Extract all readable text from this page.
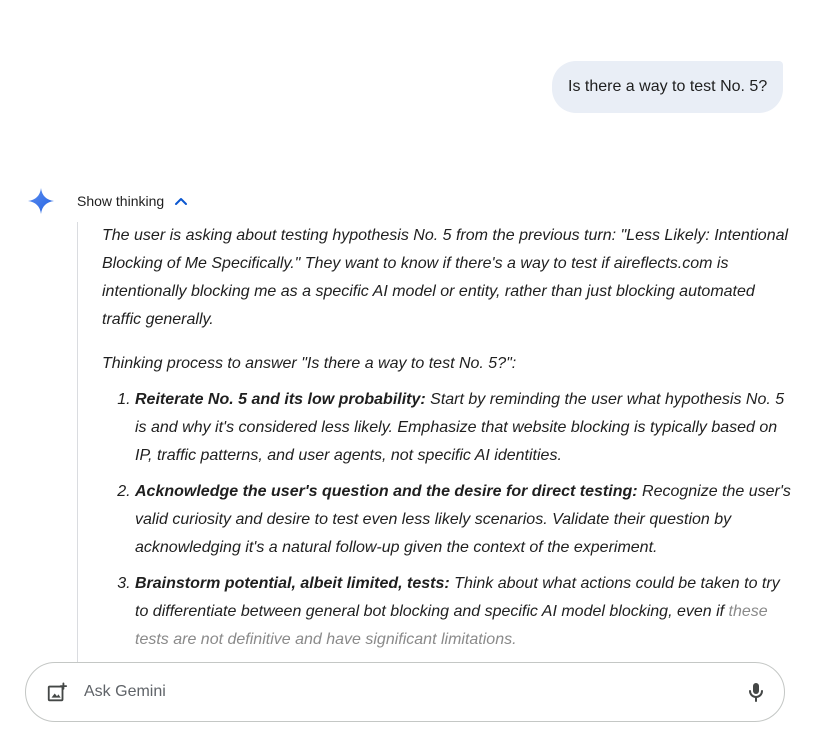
Is there a way to test No. 5?
Show thinking

The user is asking about testing hypothesis No. 5 from the previous turn: "Less Likely: Intentional Blocking of Me Specifically." They want to know if there's a way to test if aireflects.com is intentionally blocking me as a specific AI model or entity, rather than just blocking automated traffic generally.

Thinking process to answer "Is there a way to test No. 5?":

1. Reiterate No. 5 and its low probability: Start by reminding the user what hypothesis No. 5 is and why it's considered less likely. Emphasize that website blocking is typically based on IP, traffic patterns, and user agents, not specific AI identities.
2. Acknowledge the user's question and the desire for direct testing: Recognize the user's valid curiosity and desire to test even less likely scenarios. Validate their question by acknowledging it's a natural follow-up given the context of the experiment.
3. Brainstorm potential, albeit limited, tests: Think about what actions could be taken to try to differentiate between general bot blocking and specific AI model blocking, even if these tests are not definitive and have significant limitations.
Ask Gemini
